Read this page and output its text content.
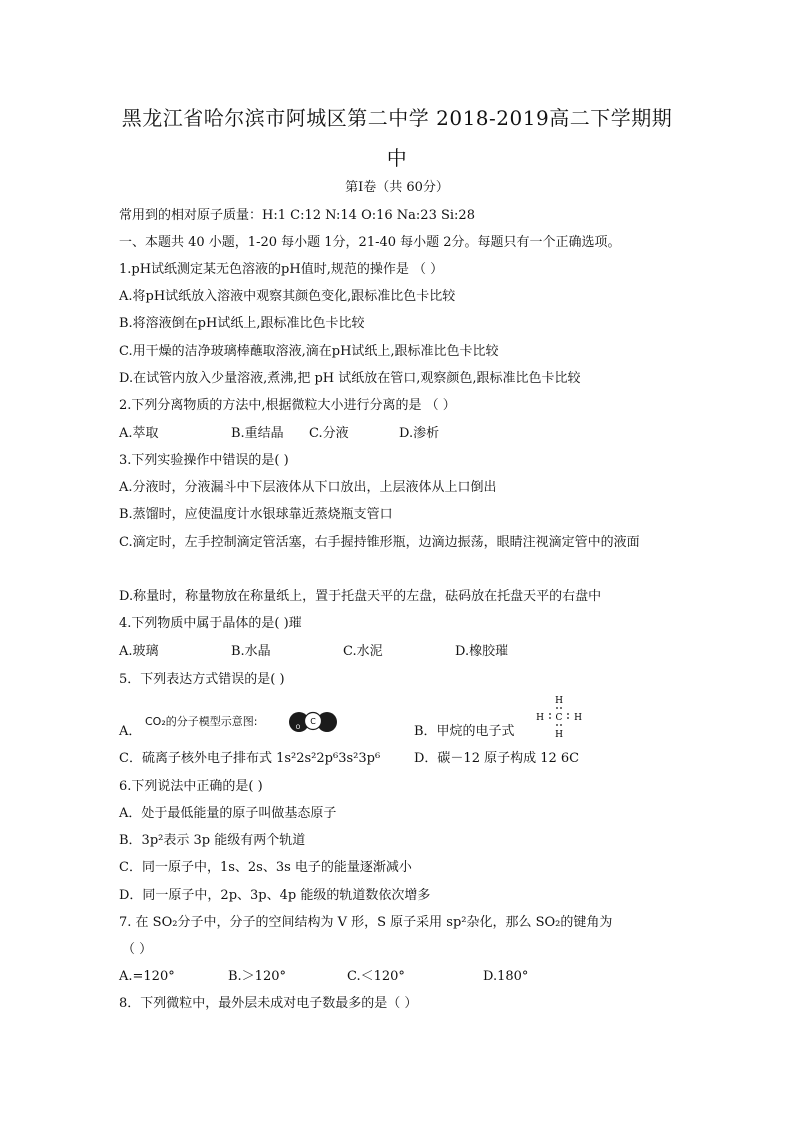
黑龙江省哈尔滨市阿城区第二中学 2018-2019高二下学期期
中
第Ⅰ卷（共 60分）
常用到的相对原子质量：H:1 C:12 N:14 O:16 Na:23 Si:28
一、本题共 40 小题，1-20 每小题 1分，21-40 每小题 2分。每题只有一个正确选项。
1.pH试纸测定某无色溶液的pH值时,规范的操作是 （ ）
A.将pH试纸放入溶液中观察其颜色变化,跟标准比色卡比较
B.将溶液倒在pH试纸上,跟标准比色卡比较
C.用干燥的洁净玻璃棒蘸取溶液,滴在pH试纸上,跟标准比色卡比较
D.在试管内放入少量溶液,煮沸,把 pH 试纸放在管口,观察颜色,跟标准比色卡比较
2.下列分离物质的方法中,根据微粒大小进行分离的是 （ ）
A.萃取	B.重结晶 C.分液	D.渗析
3.下列实验操作中错误的是( )
A.分液时，分液漏斗中下层液体从下口放出，上层液体从上口倒出
B.蒸馏时，应使温度计水银球靠近蒸烧瓶支管口
C.滴定时，左手控制滴定管活塞，右手握持锥形瓶，边滴边振荡，眼睛注视滴定管中的液面
D.称量时，称量物放在称量纸上，置于托盘天平的左盘，砝码放在托盘天平的右盘中
4.下列物质中属于晶体的是( )璀
A.玻璃	B.水晶	C.水泥	D.橡胶璀
5．下列表达方式错误的是( )
A．
CO₂的分子模型示意图:	C
O	B．甲烷的电子式
H
H C H
H
C．硫离子核外电子排布式 1s²2s²2p⁶3s²3p⁶	D．碳－12 原子构成 12 6C
6.下列说法中正确的是( )
A．处于最低能量的原子叫做基态原子
B．3p²表示 3p 能级有两个轨道
C．同一原子中，1s、2s、3s 电子的能量逐渐减小
D．同一原子中，2p、3p、4p 能级的轨道数依次增多
7. 在 SO₂分子中，分子的空间结构为 V 形，S 原子采用 sp²杂化，那么 SO₂的键角为
（ ）
A.=120°	B.＞120°	C.＜120°	D.180°
8．下列微粒中，最外层未成对电子数最多的是（ ）
